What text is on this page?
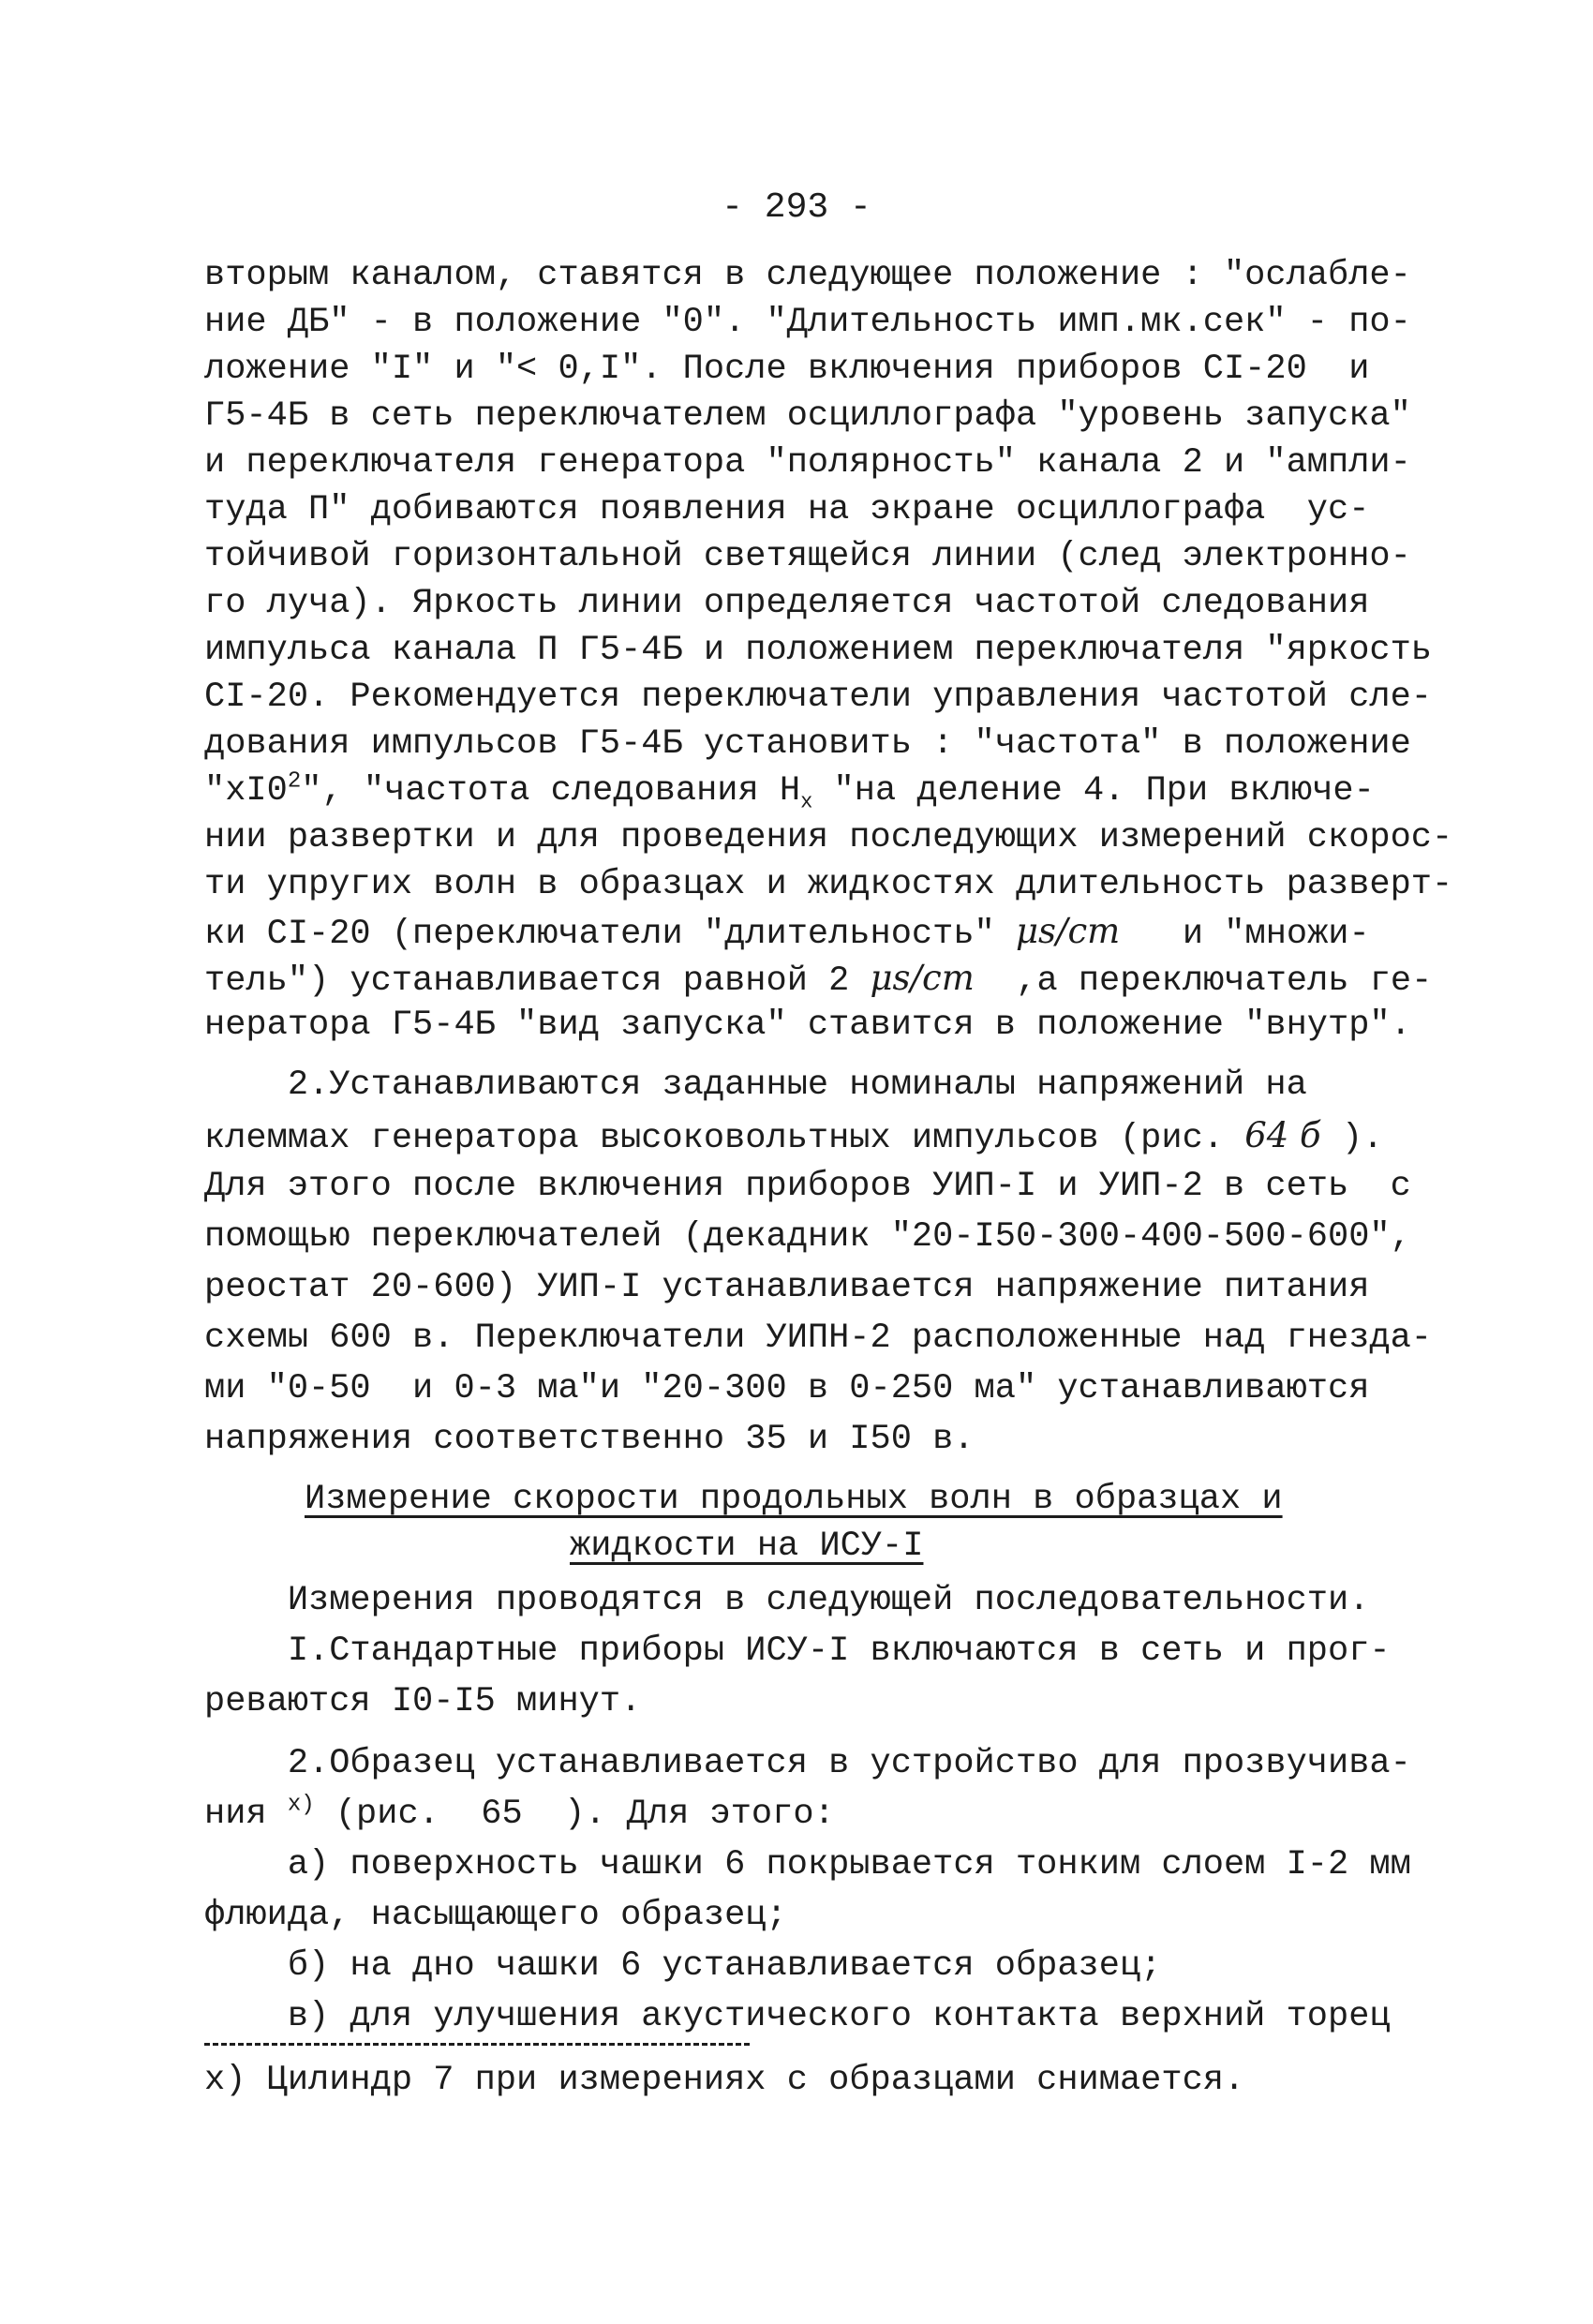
- 293 -
вторым каналом, ставятся в следующее положение : "ослабле-
ние ДБ" - в положение "0". "Длительность имп.мк.сек" - по-
ложение "I" и "< 0,I". После включения приборов CI-20  и
Г5-4Б в сеть переключателем осциллографа "уровень запуска"
и переключателя генератора "полярность" канала 2 и "ампли-
туда П" добиваются появления на экране осциллографа  ус-
тойчивой горизонтальной светящейся линии (след электронно-
го луча). Яркость линии определяется частотой следования
импульса канала П Г5-4Б и положением переключателя "яркость
CI-20. Рекомендуется переключатели управления частотой сле-
дования импульсов Г5-4Б установить : "частота" в положение
"$хI0^2$", "частота следования $Н_х$ "на деление 4. При включе-
нии развертки и для проведения последующих измерений скорос-
ти упругих волн в образцах и жидкостях длительность разверт-
ки CI-20 (переключатели "длительность" μs/cm   и "множи-
тель") устанавливается равной 2 μs/cm  ,а переключатель ге-
нератора Г5-4Б "вид запуска" ставится в положение "внутр".
2.Устанавливаются заданные номиналы напряжений на
клеммах генератора высоковольтных импульсов (рис. 64 б ).
Для этого после включения приборов УИП-I и УИП-2 в сеть  с
помощью переключателей (декадник "20-I50-300-400-500-600",
реостат 20-600) УИП-I устанавливается напряжение питания
схемы 600 в. Переключатели УИПН-2 расположенные над гнезда-
ми "0-50  и 0-3 ма"и "20-300 в 0-250 ма" устанавливаются
напряжения соответственно 35 и I50 в.
Измерение скорости продольных волн в образцах и
жидкости на ИСУ-I
Измерения проводятся в следующей последовательности.
I.Стандартные приборы ИСУ-I включаются в сеть и прог-
реваются I0-I5 минут.
2.Образец устанавливается в устройство для прозвучива-
ния $^{х)}$ (рис.  65  ). Для этого:
а) поверхность чашки 6 покрывается тонким слоем I-2 мм
флюида, насыщающего образец;
б) на дно чашки 6 устанавливается образец;
в) для улучшения акустического контакта верхний торец
х) Цилиндр 7 при измерениях с образцами снимается.
